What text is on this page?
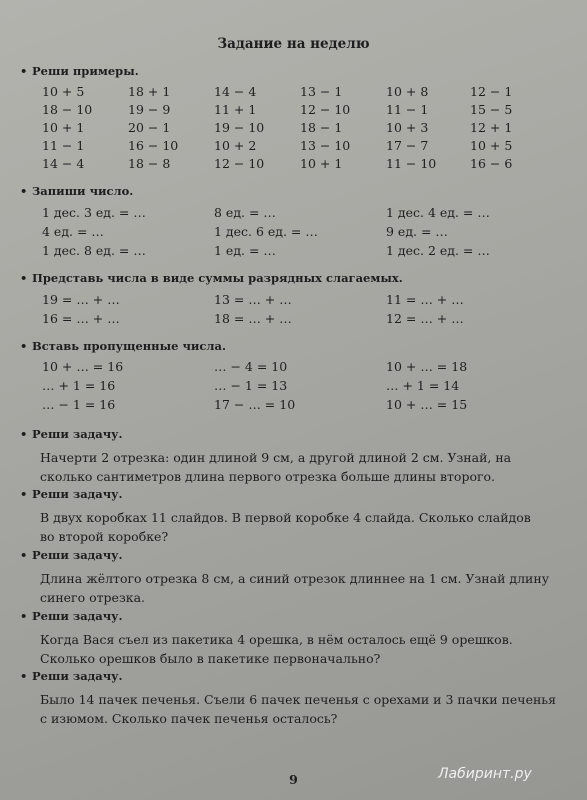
Задание на неделю
• Реши примеры.
10 + 5	18 + 1	14 − 4	13 − 1	10 + 8	12 − 1
18 − 10	19 − 9	11 + 1	12 − 10	11 − 1	15 − 5
10 + 1	20 − 1	19 − 10	18 − 1	10 + 3	12 + 1
11 − 1	16 − 10	10 + 2	13 − 10	17 − 7	10 + 5
14 − 4	18 − 8	12 − 10	10 + 1	11 − 10	16 − 6
• Запиши число.
1 дес. 3 ед. = …	8 ед. = …	1 дес. 4 ед. = …
4 ед. = …	1 дес. 6 ед. = …	9 ед. = …
1 дес. 8 ед. = …	1 ед. = …	1 дес. 2 ед. = …
• Представь числа в виде суммы разрядных слагаемых.
19 = … + …	13 = … + …	11 = … + …
16 = … + …	18 = … + …	12 = … + …
• Вставь пропущенные числа.
10 + … = 16	… − 4 = 10	10 + … = 18
… + 1 = 16	… − 1 = 13	… + 1 = 14
… − 1 = 16	17 − … = 10	10 + … = 15
• Реши задачу.
Начерти 2 отрезка: один длиной 9 см, а другой длиной 2 см. Узнай, на
сколько сантиметров длина первого отрезка больше длины второго.
• Реши задачу.
В двух коробках 11 слайдов. В первой коробке 4 слайда. Сколько слайдов
во второй коробке?
• Реши задачу.
Длина жёлтого отрезка 8 см, а синий отрезок длиннее на 1 см. Узнай длину
синего отрезка.
• Реши задачу.
Когда Вася съел из пакетика 4 орешка, в нём осталось ещё 9 орешков.
Сколько орешков было в пакетике первоначально?
• Реши задачу.
Было 14 пачек печенья. Съели 6 пачек печенья с орехами и 3 пачки печенья
с изюмом. Сколько пачек печенья осталось?
9	Лабиринт.ру
